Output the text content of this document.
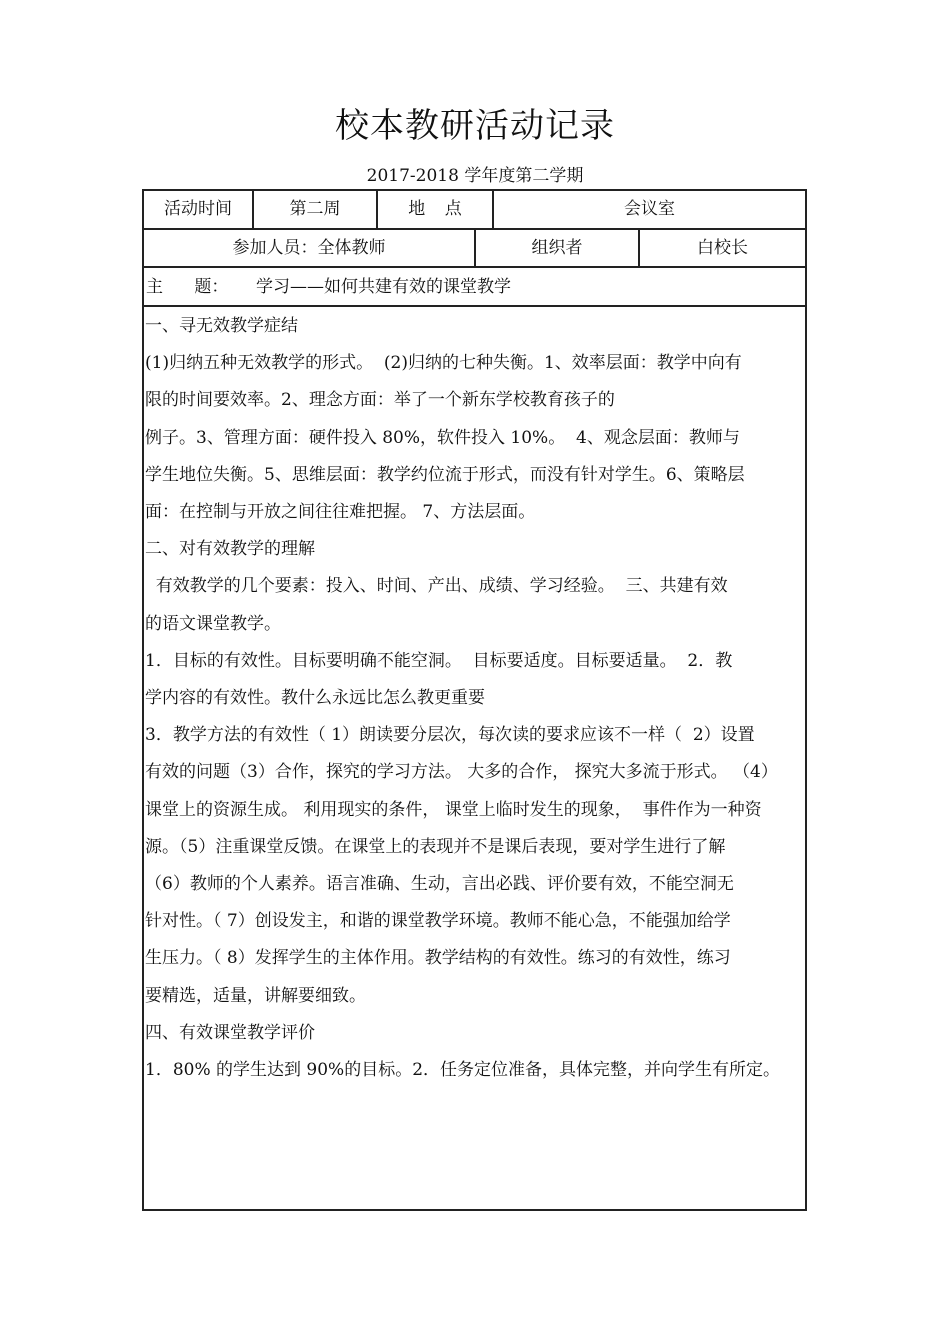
校本教研活动记录
2017-2018 学年度第二学期
活动时间	第二周	地 点	会议室
参加人员：全体教师	组织者	白校长
主 题： 学习——如何共建有效的课堂教学
一、寻无效教学症结
(1)归纳五种无效教学的形式。  (2)归纳的七种失衡。1、效率层面：教学中向有
限的时间要效率。2、理念方面：举了一个新东学校教育孩子的
例子。3、管理方面：硬件投入 80%，软件投入 10%。  4、观念层面：教师与
学生地位失衡。5、思维层面：教学约位流于形式，而没有针对学生。6、策略层
面：在控制与开放之间往往难把握。 7、方法层面。
二、对有效教学的理解
有效教学的几个要素：投入、时间、产出、成绩、学习经验。  三、共建有效
的语文课堂教学。
1．目标的有效性。目标要明确不能空洞。  目标要适度。目标要适量。  2．教
学内容的有效性。教什么永远比怎么教更重要
3．教学方法的有效性（ 1）朗读要分层次，每次读的要求应该不一样（  2）设置
有效的问题（3）合作，探究的学习方法。 大多的合作， 探究大多流于形式。 （4）
课堂上的资源生成。 利用现实的条件， 课堂上临时发生的现象，  事件作为一种资
源。（5）注重课堂反馈。在课堂上的表现并不是课后表现，要对学生进行了解
（6）教师的个人素养。语言准确、生动，言出必践、评价要有效，不能空洞无
针对性。（ 7）创设发主，和谐的课堂教学环境。教师不能心急，不能强加给学
生压力。（ 8）发挥学生的主体作用。教学结构的有效性。练习的有效性，练习
要精选，适量，讲解要细致。
四、有效课堂教学评价
1．80% 的学生达到 90%的目标。2．任务定位准备，具体完整，并向学生有所定。
